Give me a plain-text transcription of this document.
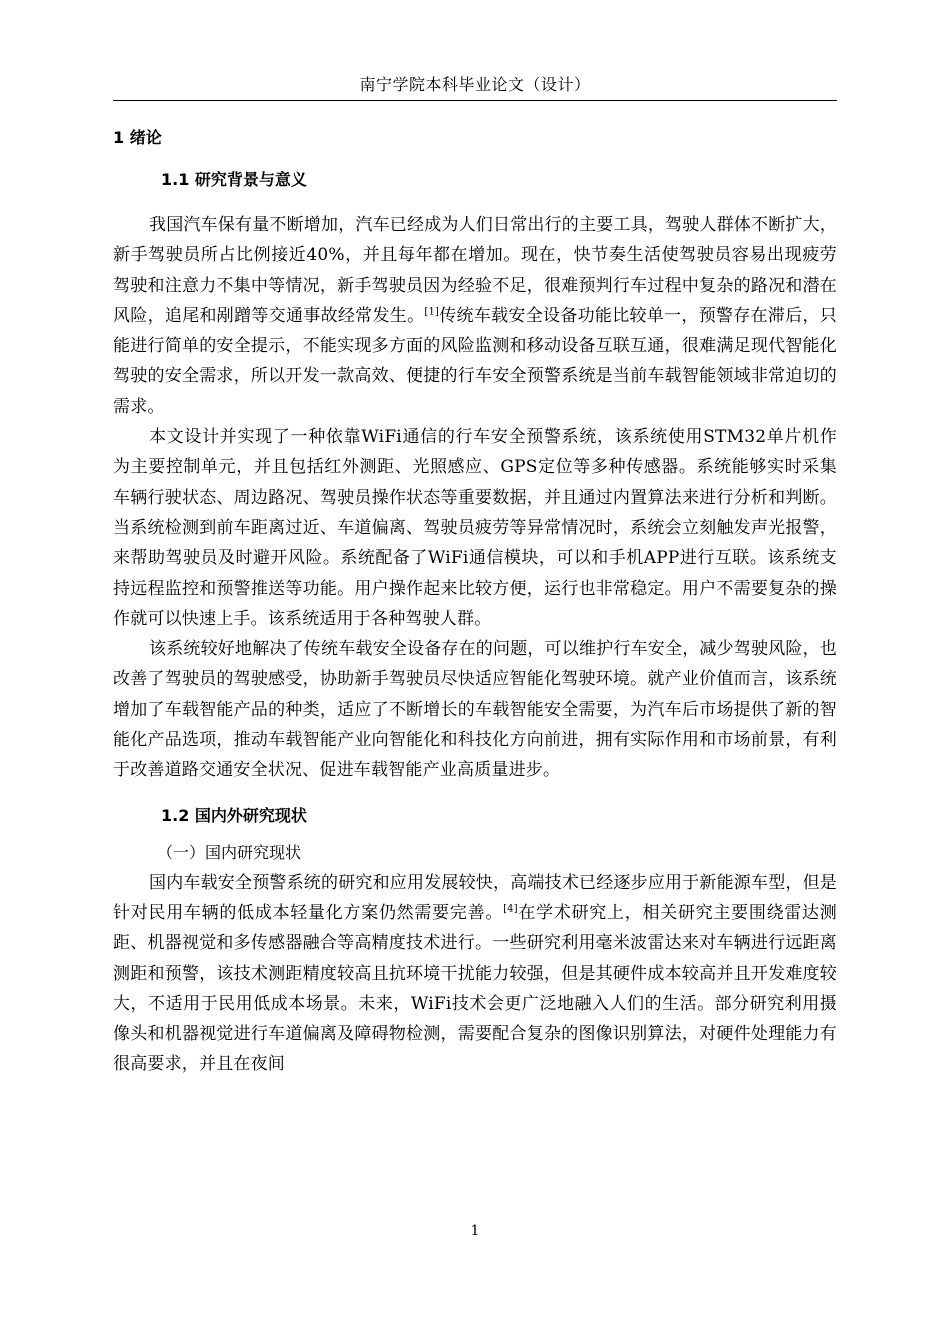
南宁学院本科毕业论文（设计）
1 绪论
1.1 研究背景与意义

我国汽车保有量不断增加，汽车已经成为人们日常出行的主要工具，驾驶人群体不断扩大，新手驾驶员所占比例接近40%，并且每年都在增加。现在，快节奏生活使驾驶员容易出现疲劳驾驶和注意力不集中等情况，新手驾驶员因为经验不足，很难预判行车过程中复杂的路况和潜在风险，追尾和剐蹭等交通事故经常发生。[1]传统车载安全设备功能比较单一，预警存在滞后，只能进行简单的安全提示，不能实现多方面的风险监测和移动设备互联互通，很难满足现代智能化驾驶的安全需求，所以开发一款高效、便捷的行车安全预警系统是当前车载智能领域非常迫切的需求。

本文设计并实现了一种依靠WiFi通信的行车安全预警系统，该系统使用STM32单片机作为主要控制单元，并且包括红外测距、光照感应、GPS定位等多种传感器。系统能够实时采集车辆行驶状态、周边路况、驾驶员操作状态等重要数据，并且通过内置算法来进行分析和判断。当系统检测到前车距离过近、车道偏离、驾驶员疲劳等异常情况时，系统会立刻触发声光报警，来帮助驾驶员及时避开风险。系统配备了WiFi通信模块，可以和手机APP进行互联。该系统支持远程监控和预警推送等功能。用户操作起来比较方便，运行也非常稳定。用户不需要复杂的操作就可以快速上手。该系统适用于各种驾驶人群。

该系统较好地解决了传统车载安全设备存在的问题，可以维护行车安全，减少驾驶风险，也改善了驾驶员的驾驶感受，协助新手驾驶员尽快适应智能化驾驶环境。就产业价值而言，该系统增加了车载智能产品的种类，适应了不断增长的车载智能安全需要，为汽车后市场提供了新的智能化产品选项，推动车载智能产业向智能化和科技化方向前进，拥有实际作用和市场前景，有利于改善道路交通安全状况、促进车载智能产业高质量进步。

1.2 国内外研究现状
（一）国内研究现状

国内车载安全预警系统的研究和应用发展较快，高端技术已经逐步应用于新能源车型，但是针对民用车辆的低成本轻量化方案仍然需要完善。[4]在学术研究上，相关研究主要围绕雷达测距、机器视觉和多传感器融合等高精度技术进行。一些研究利用毫米波雷达来对车辆进行远距离测距和预警，该技术测距精度较高且抗环境干扰能力较强，但是其硬件成本较高并且开发难度较大，不适用于民用低成本场景。未来，WiFi技术会更广泛地融入人们的生活。部分研究利用摄像头和机器视觉进行车道偏离及障碍物检测，需要配合复杂的图像识别算法，对硬件处理能力有很高要求，并且在夜间

1
